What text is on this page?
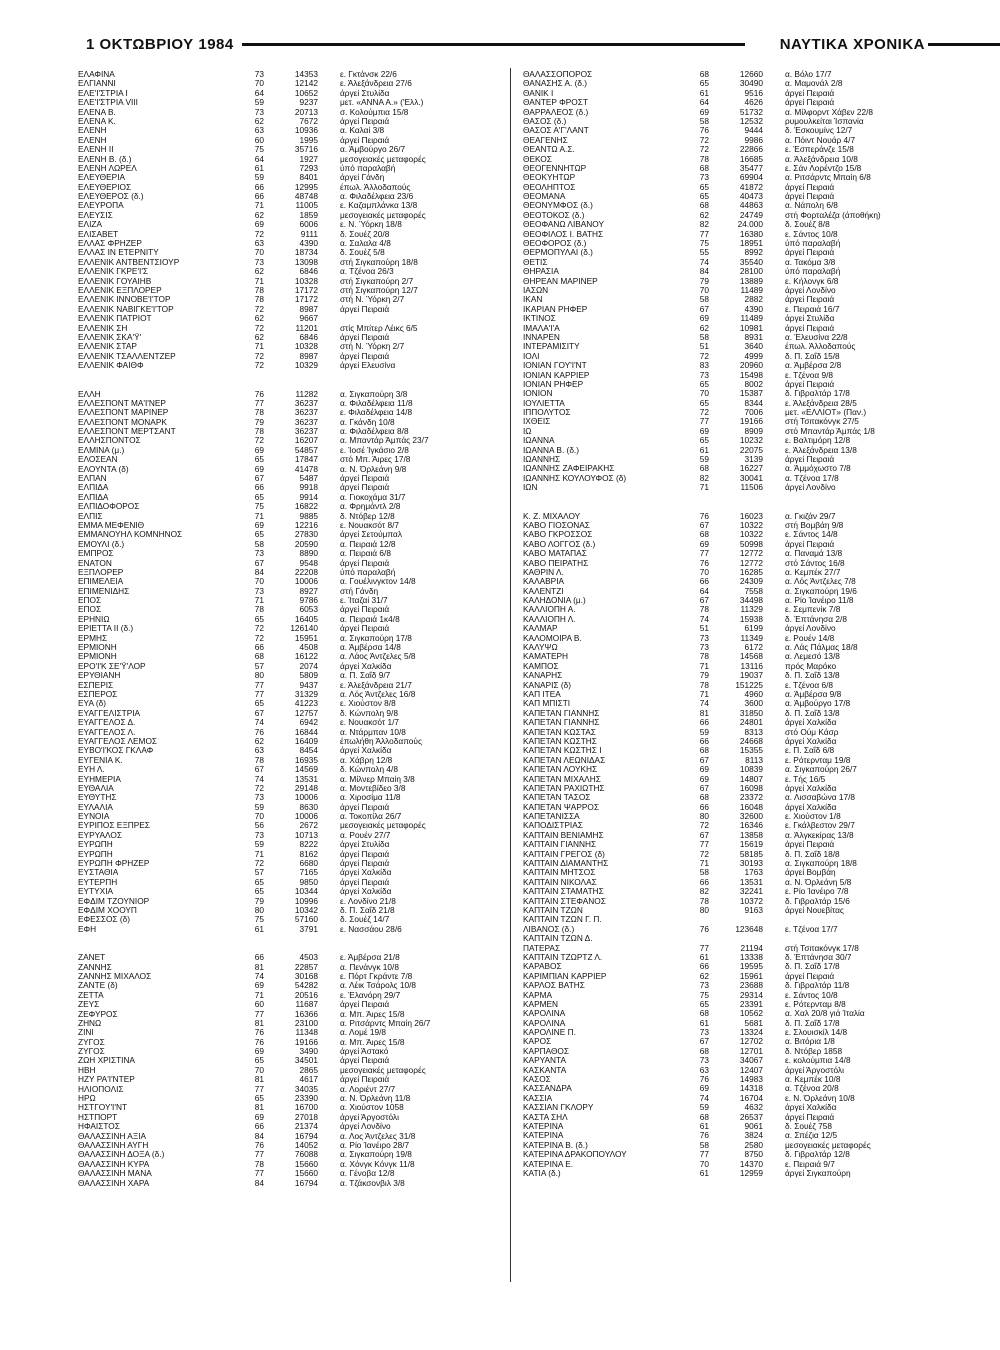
1 ΟΚΤΩΒΡΙΟΥ 1984	ΝΑΥΤΙΚΑ ΧΡΟΝΙΚΑ
ΕΛΑΦΙΝΑ	73	14353	ε. Γκτάνσκ 22/6
ΕΛΓΙΑΝΝΙ	70	12142	ε. Άλεξάνδρεια 27/6
ΕΛΕ'Ι'ΣΤΡΙΑ Ι	64	10652	άργεί Στυλίδα
ΕΛΕ'Ι'ΣΤΡΙΑ VIII	59	9237	μετ. «ΑΝΝΑ Α.» ('Ελλ.)
ΕΛΕΝΑ Β.	73	20713	σ. Κολούμπια 15/8
ΕΛΕΝΑ Κ.	62	7672	άργεί Πειραιά
ΕΛΕΝΗ	63	10936	α. Καλαί 3/8
ΕΛΕΝΗ	60	1995	άργεί Πειραιά
ΕΛΕΝΗ ΙΙ	75	35716	α. Άμβούργο 26/7
ΕΛΕΝΗ Β. (δ.)	64	1927	μεσογειακές μεταφορές
ΕΛΕΝΗ ΛΩΡΕΛ	61	7293	ύπό παραλαβή
ΕΛΕΥΘΕΡΙΑ	59	8401	άργεί Γάνδη
ΕΛΕΥΘΕΡΙΟΣ	66	12995	έπωλ. Άλλοδαπούς
ΕΛΕΥΘΕΡΟΣ (δ.)	66	48748	α. Φιλαδέλφεια 23/6
ΕΛΕΥΡΟΠΑ	71	11005	ε. Καζαμπλάνκα 13/8
ΕΛΕΥΣΙΣ	62	1859	μεσογειακές μεταφορές
ΕΛΙΖΑ	69	6006	ε. Ν. Ύόρκη 18/8
ΕΛΙΣΑΒΕΤ	72	9111	δ. Σουέζ 20/8
ΕΛΛΑΣ ΦΡΗΖΕΡ	63	4390	α. Σαλαλα 4/8
ΕΛΛΑΣ ΙΝ ΕΤΕΡΝΙΤΥ	70	18734	δ. Σουέζ 5/8
ΕΛΛΕΝΙΚ ΑΝΤΒΕΝΤΣΙΟΥΡ	73	13098	στή Σιγκαπούρη 18/8
ΕΛΛΕΝΙΚ ΓΚΡΕ'Ι'Σ	62	6846	α. Τζένοα 26/3
ΕΛΛΕΝΙΚ ΓΟΥΑΙΗΒ	71	10328	στή Σιγκαπούρη 2/7
ΕΛΛΕΝΙΚ ΕΞΠΛΟΡΕΡ	78	17172	στή Σιγκαπούρη 12/7
ΕΛΛΕΝΙΚ ΙΝΝΟΒΕ'Ι'ΤΟΡ	78	17172	στή Ν. Ύόρκη 2/7
ΕΛΛΕΝΙΚ ΝΑΒΙΓΚΕ'Ι'ΤΟΡ	72	8987	άργεί Πειραιά
ΕΛΛΕΝΙΚ ΠΑΤΡΙΟΤ	62	9667
ΕΛΛΕΝΙΚ ΣΗ	72	11201	στίς Μπίτερ Λέικς 6/5
ΕΛΛΕΝΙΚ ΣΚΑ'Ϋ'	62	6846	άργεί Πειραιά
ΕΛΛΕΝΙΚ ΣΤΑΡ	71	10328	στή Ν. Ύόρκη 2/7
ΕΛΛΕΝΙΚ ΤΣΑΛΛΕΝΤΖΕΡ	72	8987	άργεί Πειραιά
ΕΛΛΕΝΙΚ ΦΑΙΘΦ	72	10329	άργεί Ελευσίνα
ΕΛΛΗ	76	11282	α. Σιγκαπούρη 3/8
ΕΛΛΕΣΠΟΝΤ ΜΑ'Ι'ΝΕΡ	77	36237	α. Φιλαδέλφεια 11/8
ΕΛΛΕΣΠΟΝΤ ΜΑΡΙΝΕΡ	78	36237	ε. Φιλαδέλφεια 14/8
ΕΛΛΕΣΠΟΝΤ ΜΟΝΑΡΚ	79	36237	α. Γκάνδη 10/8
ΕΛΛΕΣΠΟΝΤ ΜΕΡΤΣΑΝΤ	78	36237	α. Φιλαδέλφεια 8/8
ΕΛΛΗΣΠΟΝΤΟΣ	72	16207	α. Μπαντάρ Άμπάς 23/7
ΕΛΜΙΝΑ (μ.)	69	54857	ε. Ίοσέ Ίγκάσιο 2/8
ΕΛΟΣΕΑΝ	65	17847	στό Μπ. Άιρες 17/8
ΕΛΟΥΝΤΑ (δ)	69	41478	α. Ν. Όρλεάνη 9/8
ΕΛΠΑΝ	67	5487	άργεί Πειραιά
ΕΛΠΙΔΑ	66	9918	άργεί Πειραιά
ΕΛΠΙΔΑ	65	9914	α. Γιοκοχάμα 31/7
ΕΛΠΙΔΟΦΟΡΟΣ	75	16822	α. Φρημάντλ 2/8
ΕΛΠΙΣ	71	9885	δ. Ντόβερ 12/8
ΕΜΜΑ ΜΕΦΕΝΙΘ	69	12216	ε. Νουακσότ 8/7
ΕΜΜΑΝΟΥΗΛ ΚΟΜΝΗΝΟΣ	65	27830	άργεί Σετούμπαλ
ΕΜΟΥΛΙ (δ.)	58	20590	α. Πειραιά 12/8
ΕΜΠΡΟΣ	73	8890	α. Πειραιά 6/8
ΕΝΑΤΟΝ	67	9548	άργεί Πειραιά
ΕΞΠΛΟΡΕΡ	84	22208	ύπό παραλαβή
ΕΠΙΜΕΛΕΙΑ	70	10006	α. Γουέλινγκτον 14/8
ΕΠΙΜΕΝΙΔΗΣ	73	8927	στή Γάνδη
ΕΠΟΣ	71	9786	ε. Ίταζαί 31/7
ΕΠΟΣ	78	6053	άργεί Πειραιά
ΕΡΗΝΙΩ	65	16405	α. Πειραιά 1κ4/8
ΕΡΙΕΤΤΑ ΙΙ (δ.)	72	126140	άργεί Πειραιά
ΕΡΜΗΣ	72	15951	α. Σιγκαπούρη 17/8
ΕΡΜΙΟΝΗ	66	4508	α. Άμβέρσα 14/8
ΕΡΜΙΟΝΗ	68	16122	α. Λάος Άντζελες 5/8
ΕΡΟ'Ι'Κ ΣΕ'Ϋ'ΛΟΡ	57	2074	άργεί Χαλκίδα
ΕΡΥΘΙΑΝΗ	80	5809	α. Π. Σαΐδ 9/7
ΕΣΠΕΡΙΣ	77	9437	ε. Άλεξάνδρεια 21/7
ΕΣΠΕΡΟΣ	77	31329	α. Λός Άντζελες 16/8
ΕΥΑ (δ)	65	41223	ε. Χιούστον 8/8
ΕΥΑΓΓΕΛΙΣΤΡΙΑ	67	12757	δ. Κώνπολη 9/8
ΕΥΑΓΓΕΛΟΣ Δ.	74	6942	ε. Νουακσότ 1/7
ΕΥΑΓΓΕΛΟΣ Λ.	76	16844	α. Ντάρμπαν 10/8
ΕΥΑΓΓΕΛΟΣ ΛΕΜΟΣ	62	16409	έπωλήθη Άλλοδαπούς
ΕΥΒΟ'Ι'ΚΟΣ ΓΚΛΑΦ	63	8454	άργεί Χαλκίδα
ΕΥΓΕΝΙΑ Κ.	78	16935	α. Χάβρη 12/8
ΕΥΗ Λ.	67	14569	δ. Κώνπολη 4/8
ΕΥΗΜΕΡΙΑ	74	13531	α. Μίλνερ Μπαίη 3/8
ΕΥΘΑΛΙΑ	72	29148	α. Μοντεβίδεο 3/8
ΕΥΘΥΤΗΣ	73	10006	α. Χιροσίμα 11/8
ΕΥΛΑΛΙΑ	59	8630	άργεί Πειραιά
ΕΥΝΟΙΑ	70	10006	α. Τοκοπίλα 26/7
ΕΥΡΙΠΟΣ ΕΞΠΡΕΣ	56	2672	μεσογειακές μεταφορές
ΕΥΡΥΑΛΟΣ	73	10713	α. Ρουέν 27/7
ΕΥΡΩΠΗ	59	8222	άργεί Στυλίδα
ΕΥΡΩΠΗ	71	8162	άργεί Πειραιά
ΕΥΡΩΠΗ ΦΡΗΖΕΡ	72	6680	άργεί Πειραιά
ΕΥΣΤΑΘΙΑ	57	7165	άργεί Χαλκίδα
ΕΥΤΕΡΠΗ	65	9850	άργεί Πειραιά
ΕΥΤΥΧΙΑ	65	10344	άργεί Χαλκίδα
ΕΦΔΙΜ ΤΖΟΥΝΙΟΡ	79	10996	ε. Λονδίνο 21/8
ΕΦΔΙΜ ΧΟΟΥΠ	80	10342	δ. Π. Σαΐδ 21/8
ΕΦΕΣΣΟΣ (δ)	75	57160	δ. Σουέζ 14/7
ΕΦΗ	61	3791	ε. Νασσάου 28/6
ΖΑΝΕΤ	66	4503	ε. Άμβέρσα 21/8
ΖΑΝΝΗΣ	81	22857	α. Πενάνγκ 10/8
ΖΑΝΝΗΣ ΜΙΧΑΛΟΣ	74	30168	ε. Πόρτ Γκράντε 7/8
ΖΑΝΤΕ (δ)	69	54282	α. Λέικ Τσάρολς 10/8
ΖΕΤΤΑ	71	20516	ε. Έλανόρη 29/7
ΖΕΥΣ	60	11687	άργεί Πειραιά
ΖΕΦΥΡΟΣ	77	16366	α. Μπ. Άιρες 15/8
ΖΗΝΩ	81	23100	α. Ριτσάρντς Μπαίη 26/7
ΖΙΝΙ	76	11348	α. Λομέ 19/8
ΖΥΓΟΣ	76	19166	α. Μπ. Άιρες 15/8
ΖΥΓΟΣ	69	3490	άργεί Άστακό
ΖΩΗ ΧΡΙΣΤΙΝΑ	65	34501	άργεί Πειραιά
ΗΒΗ	70	2865	μεσογειακές μεταφορές
ΗΖΥ ΡΑ'Ι'ΝΤΕΡ	81	4617	άργεί Πειραιά
ΗΛΙΟΠΟΛΙΣ	77	34035	α. Λοριέντ 27/7
ΗΡΩ	65	23390	α. Ν. Όρλεάνη 11/8
ΗΣΤΓΟΥ'Ι'ΝΤ	81	16700	α. Χιούστον 1058
ΗΣΤΠΟΡΤ	69	27018	άργεί Άργοστόλι
ΗΦΑΙΣΤΟΣ	66	21374	άργεί Λονδίνο
ΘΑΛΑΣΣΙΝΗ ΑΞΙΑ	84	16794	α. Λος Άντζελες 31/8
ΘΑΛΑΣΣΙΝΗ ΑΥΓΗ	76	14052	α. Ρίο Ίανέιρο 28/7
ΘΑΛΑΣΣΙΝΗ ΔΟΞΑ (δ.)	77	76088	α. Σιγκαπούρη 19/8
ΘΑΛΑΣΣΙΝΗ ΚΥΡΑ	78	15660	α. Χόνγκ Κόνγκ 11/8
ΘΑΛΑΣΣΙΝΗ ΜΑΝΑ	77	15660	α. Γένοβα 12/8
ΘΑΛΑΣΣΙΝΗ ΧΑΡΑ	84	16794	α. Τζάκσονβιλ 3/8
ΘΑΛΑΣΣΟΠΟΡΟΣ	68	12660	α. Βόλο 17/7
ΘΑΝΑΣΗΣ Α. (δ.)	65	30490	α. Μαμονάλ 2/8
ΘΑΝΙΚ Ι	61	9516	άργεί Πειραιά
ΘΑΝΤΕΡ ΦΡΟΣΤ	64	4626	άργεί Πειραιά
ΘΑΡΡΑΛΕΟΣ (δ.)	69	51732	α. Μίλφορντ Χάβεν 22/8
ΘΑΣΟΣ (δ.)	58	12532	ρυμουλκείται Ίσπανία
ΘΑΣΟΣ Α'Γ'ΛΑΝΤ	76	9444	δ. Έσκουμίνς 12/7
ΘΕΑΓΕΝΗΣ	72	9986	α. Πόιντ Νουάρ 4/7
ΘΕΑΝΤΩ Α.Σ.	72	22866	ε. Έσπεράνζε 15/8
ΘΕΚΟΣ	78	16685	α. Άλεξάνδρεια 10/8
ΘΕΟΓΕΝΝΗΤΩΡ	68	35477	ε. Σάν Λορέντζο 15/8
ΘΕΟΚΥΗΤΩΡ	73	69904	α. Ριτσάρντς Μπαίη 6/8
ΘΕΟΛΗΠΤΟΣ	65	41872	άργεί Πειραιά
ΘΕΟΜΑΝΑ	65	40473	άργεί Πειραιά
ΘΕΟΝΥΜΦΟΣ (δ.)	68	44863	α. Νάπολη 6/8
ΘΕΟΤΟΚΟΣ (δ.)	62	24749	στή Φορταλέζα (άποθήκη)
ΘΕΟΦΑΝΩ ΛΙΒΑΝΟΥ	82	24.000	δ. Σουέζ 8/8
ΘΕΟΦΙΛΟΣ Ι. ΒΑΤΗΣ	77	16380	ε. Σάντος 10/8
ΘΕΟΦΟΡΟΣ (δ.)	75	18951	ύπό παραλαβή
ΘΕΡΜΟΠΥΛΑΙ (δ.)	55	8992	άργεί Πειραιά
ΘΕΤΙΣ	74	35540	α. Τακόμα 3/8
ΘΗΡΑΣΙΑ	84	28100	ύπό παραλαβή
ΘΗΡΕΑΝ ΜΑΡΙΝΕΡ	79	13889	ε. Κήλονγκ 6/8
ΙΑΣΩΝ	70	11489	άργεί Λονδίνο
ΙΚΑΝ	58	2882	άργεί Πειραιά
ΙΚΑΡΙΑΝ ΡΗΦΕΡ	67	4390	ε. Πειραιά 16/7
ΙΚΤΙΝΟΣ	69	11489	άργεί Στυλίδα
ΙΜΑΛΑ'Ι'Α	62	10981	άργεί Πειραιά
ΙΝΝΑΡΕΝ	58	8931	α. Έλευσίνα 22/8
ΙΝΤΕΡΑΜΙΣΙΤΥ	51	3640	έπωλ. Άλλοδαπούς
ΙΟΛΙ	72	4999	δ. Π. Σαΐδ 15/8
ΙΟΝΙΑΝ ΓΟΥ'Ι'ΝΤ	83	20960	α. Άμβέρσα 2/8
ΙΟΝΙΑΝ ΚΑΡΡΙΕΡ	73	15498	ε. Τζένοα 9/8
ΙΟΝΙΑΝ ΡΗΦΕΡ	65	8002	άργεί Πειραιά
ΙΟΝΙΟΝ	70	15387	δ. Γιβραλτάρ 17/8
ΙΟΥΛΙΕΤΤΑ	65	8344	ε. Άλεξάνδρεια 28/5
ΙΠΠΟΛΥΤΟΣ	72	7006	μετ. «ΕΛΛΙΟΤ» (Παν.)
ΙΧΘΕΙΣ	77	19166	στή Τσιτακόνγκ 27/5
ΙΩ	69	8909	στό Μπαντάρ Άμπάς 1/8
ΙΩΑΝΝΑ	65	10232	ε. Βαλτιμόρη 12/8
ΙΩΑΝΝΑ Β. (δ.)	61	22075	ε. Άλεξάνδρεια 13/8
ΙΩΑΝΝΗΣ	59	3139	άργεί Πειραιά
ΙΩΑΝΝΗΣ ΖΑΦΕΙΡΑΚΗΣ	68	16227	α. Άμμόχωστο 7/8
ΙΩΑΝΝΗΣ ΚΟΥΛΟΥΦΟΣ (δ)	82	30041	α. Τζένοα 17/8
ΙΩΝ	71	11506	άργεί Λονδίνο
Κ. Ζ. ΜΙΧΑΛΟΥ	76	16023	α. Γκιζάν 29/7
ΚΑΒΟ ΓΙΟΣΟΝΑΣ	67	10322	στή Βομβάη 9/8
ΚΑΒΟ ΓΚΡΟΣΣΟΣ	68	10322	ε. Σάντος 14/8
ΚΑΒΟ ΛΟΓΓΟΣ (δ.)	69	50998	άργεί Πειραιά
ΚΑΒΟ ΜΑΤΑΠΑΣ	77	12772	α. Παναμά 13/8
ΚΑΒΟ ΠΕΙΡΑΤΗΣ	76	12772	στό Σάντος 16/8
ΚΑΘΡΙΝ Λ.	70	16285	α. Κεμπέκ 27/7
ΚΑΛΑΒΡΙΑ	66	24309	α. Λός Άντζελες 7/8
ΚΑΛΕΝΤΖΙ	64	7558	α. Σιγκαπούρη 19/6
ΚΑΛΗΔΟΝΙΑ (μ.)	67	34498	α. Ρίο Ίανέιρο 11/8
ΚΑΛΛΙΟΠΗ Α.	78	11329	ε. Σεμπενίκ 7/8
ΚΑΛΛΙΟΠΗ Λ.	74	15938	δ. Έπτάνησα 2/8
ΚΑΛΜΑΡ	51	6199	άργεί Λονδίνο
ΚΑΛΟΜΟΙΡΑ Β.	73	11349	ε. Ρουέν 14/8
ΚΑΛΥΨΩ	73	6172	α. Λάς Πάλμας 18/8
ΚΑΜΑΤΕΡΗ	78	14568	α. Λεμεσό 13/8
ΚΑΜΠΟΣ	71	13116	πρός Μαρόκο
ΚΑΝΑΡΗΣ	79	19037	δ. Π. Σαΐδ 13/8
ΚΑΝΑΡΙΣ (δ)	78	151225	ε. Τζένοα 6/8
ΚΑΠ ΙΤΕΑ	71	4960	α. Άμβέρσα 9/8
ΚΑΠ ΜΠΙΣΤΙ	74	3600	α. Άμβούργο 17/8
ΚΑΠΕΤΑΝ ΓΙΑΝΝΗΣ	81	31850	δ. Π. Σαΐδ 13/8
ΚΑΠΕΤΑΝ ΓΙΑΝΝΗΣ	66	24801	άργεί Χαλκίδα
ΚΑΠΕΤΑΝ ΚΩΣΤΑΣ	59	8313	στό Ούμ Κάσρ
ΚΑΠΕΤΑΝ ΚΩΣΤΗΣ	66	24668	άργεί Χαλκίδα
ΚΑΠΕΤΑΝ ΚΩΣΤΗΣ Ι	68	15355	ε. Π. Σαΐδ 6/8
ΚΑΠΕΤΑΝ ΛΕΩΝΙΔΑΣ	67	8113	ε. Ρότερνταμ 19/8
ΚΑΠΕΤΑΝ ΛΟΥΚΗΣ	69	10839	α. Σιγκαπούρη 26/7
ΚΑΠΕΤΑΝ ΜΙΧΑΛΗΣ	69	14807	ε. Τής 16/5
ΚΑΠΕΤΑΝ ΡΑΧΙΩΤΗΣ	67	16098	άργεί Χαλκίδα
ΚΑΠΕΤΑΝ ΤΑΣΟΣ	68	23372	α. Λισσαβώνα 17/8
ΚΑΠΕΤΑΝ ΨΑΡΡΟΣ	66	16048	άργεί Χαλκίδα
ΚΑΠΕΤΑΝΙΣΣΑ	80	32600	ε. Χιούστον 1/8
ΚΑΠΟΔΙΣΤΡΙΑΣ	72	16346	ε. Γκάλβεστον 29/7
ΚΑΠΤΑΙΝ ΒΕΝΙΑΜΗΣ	67	13858	α. Άλγκεκίρας 13/8
ΚΑΠΤΑΙΝ ΓΙΑΝΝΗΣ	77	15619	άργεί Πειραιά
ΚΑΠΤΑΙΝ ΓΡΕΓΟΣ (δ)	72	58185	δ. Π. Σαΐδ 18/8
ΚΑΠΤΑΙΝ ΔΙΑΜΑΝΤΗΣ	71	30193	α. Σιγκαπούρη 18/8
ΚΑΠΤΑΙΝ ΜΗΤΣΟΣ	58	1763	άργεί Βομβάη
ΚΑΠΤΑΙΝ ΝΙΚΟΛΑΣ	66	13531	α. Ν. Όρλεάνη 5/8
ΚΑΠΤΑΙΝ ΣΤΑΜΑΤΗΣ	82	32241	ε. Ρίο Ίανέιρο 7/8
ΚΑΠΤΑΙΝ ΣΤΕΦΑΝΟΣ	78	10372	δ. Γιβραλτάρ 15/6
ΚΑΠΤΑΙΝ ΤΖΩΝ	80	9163	άργεί Νουεβίτας
ΚΑΠΤΑΙΝ ΤΖΩΝ Γ. Π.
ΛΙΒΑΝΟΣ (δ.)	76	123648	ε. Τζένοα 17/7
ΚΑΠΤΑΙΝ ΤΖΩΝ Δ.
ΠΑΤΕΡΑΣ	77	21194	στή Τσιτακόνγκ 17/8
ΚΑΠΤΑΙΝ ΤΖΩΡΤΖ Λ.	61	13338	δ. Έπτάνησα 30/7
ΚΑΡΑΒΟΣ	66	19595	δ. Π. Σαΐδ 17/8
ΚΑΡΙΜΠΙΑΝ ΚΑΡΡΙΕΡ	62	15961	άργεί Πειραιά
ΚΑΡΛΟΣ ΒΑΤΗΣ	73	23688	δ. Γιβραλτάρ 11/8
ΚΑΡΜΑ	75	29314	ε. Σάντος 10/8
ΚΑΡΜΕΝ	65	23391	ε. Ρότερνταμ 8/8
ΚΑΡΟΛΙΝΑ	68	10562	α. Χαλ 20/8 γιά Ίταλία
ΚΑΡΟΛΙΝΑ	61	5681	δ. Π. Σαΐδ 17/8
ΚΑΡΟΛΙΝΕ Π.	73	13324	ε. Σλουισκίλ 14/8
ΚΑΡΟΣ	67	12702	α. Βιτόρια 1/8
ΚΑΡΠΑΘΟΣ	68	12701	δ. Ντόβερ 1858
ΚΑΡΥΑΝΤΑ	73	34067	ε. κολούμπια 14/8
ΚΑΣΚΑΝΤΑ	63	12407	άργεί Άργοστόλι
ΚΑΣΟΣ	76	14983	α. Κεμπέκ 10/8
ΚΑΣΣΑΝΔΡΑ	69	14318	α. Τζένοα 20/8
ΚΑΣΣΙΑ	74	16704	ε. Ν. Όρλεάνη 10/8
ΚΑΣΣΙΑΝ ΓΚΛΟΡΥ	59	4632	άργεί Χαλκίδα
ΚΑΣΤΑ ΣΗΛ	68	26537	άργεί Πειραιά
ΚΑΤΕΡΙΝΑ	61	9061	δ. Σουέζ 758
ΚΑΤΕΡΙΝΑ	76	3824	α. Σπέζια 12/5
ΚΑΤΕΡΙΝΑ Β. (δ.)	58	2580	μεσογειακές μεταφορές
ΚΑΤΕΡΙΝΑ ΔΡΑΚΟΠΟΥΛΟΥ	77	8750	δ. Γιβραλτάρ 12/8
ΚΑΤΕΡΙΝΑ Ε.	70	14370	ε. Πειραιά 9/7
ΚΑΤΙΑ (δ.)	61	12959	άργεί Σιγκαπούρη
